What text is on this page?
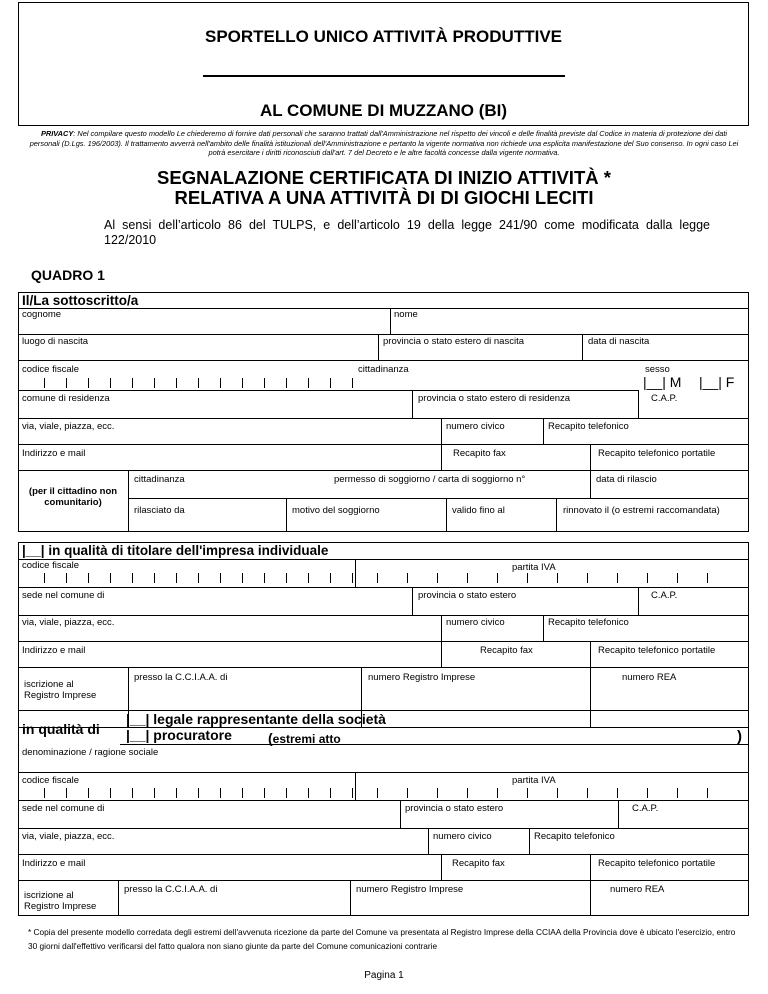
SPORTELLO UNICO ATTIVITÀ PRODUTTIVE
AL COMUNE DI MUZZANO (BI)
PRIVACY: Nel compilare questo modello Le chiederemo di fornire dati personali che saranno trattati dall'Amministrazione nel rispetto dei vincoli e delle finalità previste dal Codice in materia di protezione dei dati personali (D.Lgs. 196/2003). Il trattamento avverrà nell'ambito delle finalità istituzionali dell'Amministrazione e pertanto la vigente normativa non richiede una esplicita manifestazione del Suo consenso. In ogni caso Lei potrà esercitare i diritti riconosciuti dall'art. 7 del Decreto e le altre facoltà concesse dalla vigente normativa.
SEGNALAZIONE CERTIFICATA DI INIZIO ATTIVITÀ *
RELATIVA A UNA ATTIVITÀ DI DI GIOCHI LECITI
Al sensi dell’articolo 86 del TULPS, e dell’articolo 19 della legge 241/90 come modificata dalla legge 122/2010
QUADRO 1
Il/La sottoscritto/a
cognome	nome
luogo di nascita	provincia o stato estero di nascita	data di nascita
codice fiscale	cittadinanza	sesso
|__| M |__| F
comune di residenza	provincia o stato estero di residenza	C.A.P.
via, viale, piazza, ecc.	numero civico	Recapito telefonico
Indirizzo e mail	Recapito fax	Recapito telefonico portatile
(per il cittadino non
comunitario)
cittadinanza	permesso di soggiorno / carta di soggiorno n°	data di rilascio
rilasciato da	motivo del soggiorno	valido fino al	rinnovato il (o estremi raccomandata)
|__| in qualità di titolare dell'impresa individuale
codice fiscale	partita IVA
sede nel comune di	provincia o stato estero	C.A.P.
via, viale, piazza, ecc.	numero civico	Recapito telefonico
Indirizzo e mail	Recapito fax	Recapito telefonico portatile
iscrizione al
Registro Imprese
presso la C.C.I.A.A. di	numero Registro Imprese	numero REA
in qualità di
|__| legale rappresentante della società
|__| procuratore	(estremi atto	)
denominazione / ragione sociale
codice fiscale	partita IVA
sede nel comune di	provincia o stato estero	C.A.P.
via, viale, piazza, ecc.	numero civico	Recapito telefonico
Indirizzo e mail	Recapito fax	Recapito telefonico portatile
iscrizione al
Registro Imprese
presso la C.C.I.A.A. di	numero Registro Imprese	numero REA
* Copia del presente modello corredata degli estremi dell'avvenuta ricezione da parte del Comune va presentata al Registro Imprese della CCIAA della Provincia dove è ubicato l'esercizio, entro 30 giorni dall'effettivo verificarsi del fatto qualora non siano giunte da parte del Comune comunicazioni contrarie
Pagina 1
